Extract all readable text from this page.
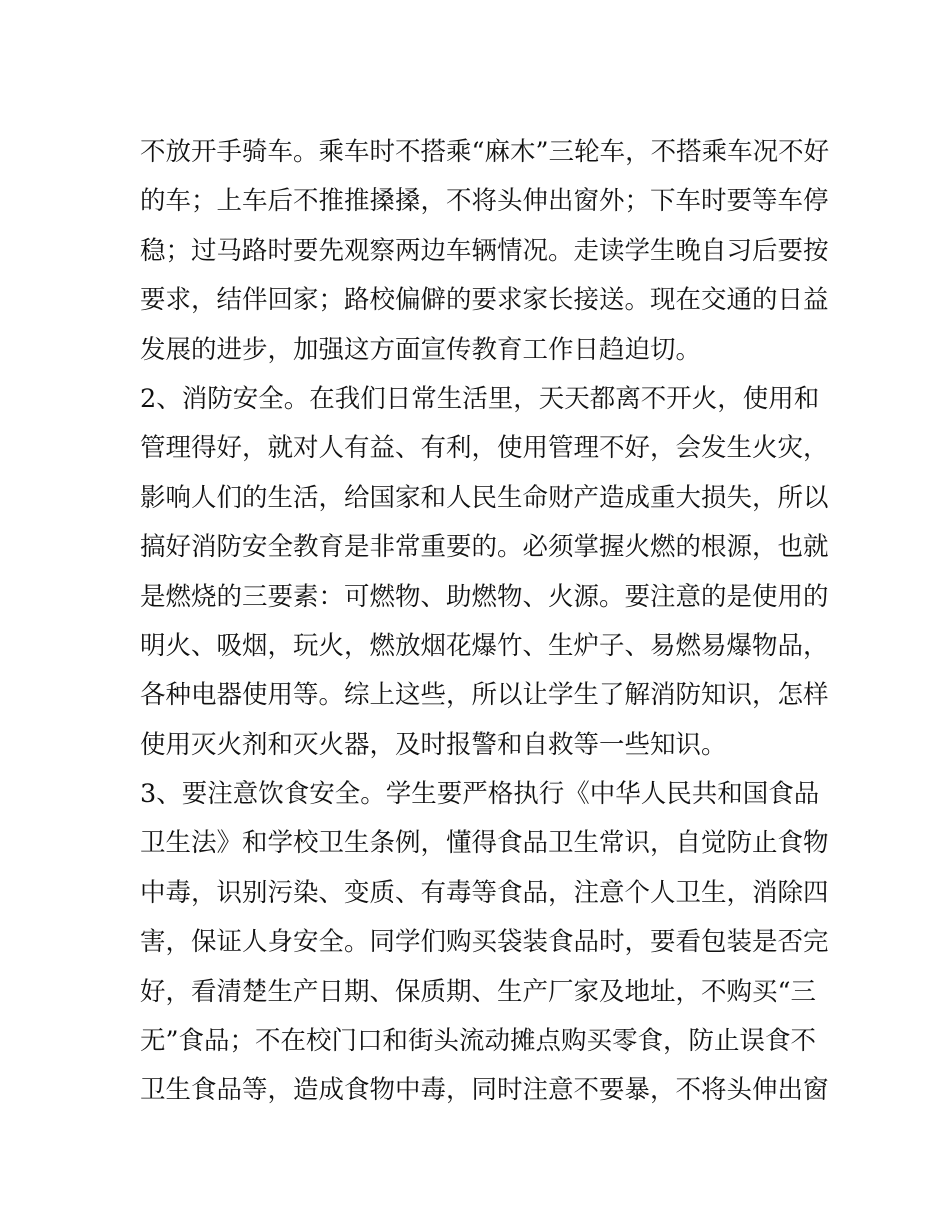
不放开手骑车。乘车时不搭乘“麻木”三轮车，不搭乘车况不好
的车；上车后不推推搡搡，不将头伸出窗外；下车时要等车停
稳；过马路时要先观察两边车辆情况。走读学生晚自习后要按
要求，结伴回家；路校偏僻的要求家长接送。现在交通的日益
发展的进步，加强这方面宣传教育工作日趋迫切。
2、消防安全。在我们日常生活里，天天都离不开火，使用和
管理得好，就对人有益、有利，使用管理不好，会发生火灾，
影响人们的生活，给国家和人民生命财产造成重大损失，所以
搞好消防安全教育是非常重要的。必须掌握火燃的根源，也就
是燃烧的三要素：可燃物、助燃物、火源。要注意的是使用的
明火、吸烟，玩火，燃放烟花爆竹、生炉子、易燃易爆物品，
各种电器使用等。综上这些，所以让学生了解消防知识，怎样
使用灭火剂和灭火器，及时报警和自救等一些知识。
3、要注意饮食安全。学生要严格执行《中华人民共和国食品
卫生法》和学校卫生条例，懂得食品卫生常识，自觉防止食物
中毒，识别污染、变质、有毒等食品，注意个人卫生，消除四
害，保证人身安全。同学们购买袋装食品时，要看包装是否完
好，看清楚生产日期、保质期、生产厂家及地址，不购买“三
无”食品；不在校门口和街头流动摊点购买零食，防止误食不
卫生食品等，造成食物中毒，同时注意不要暴，不将头伸出窗
